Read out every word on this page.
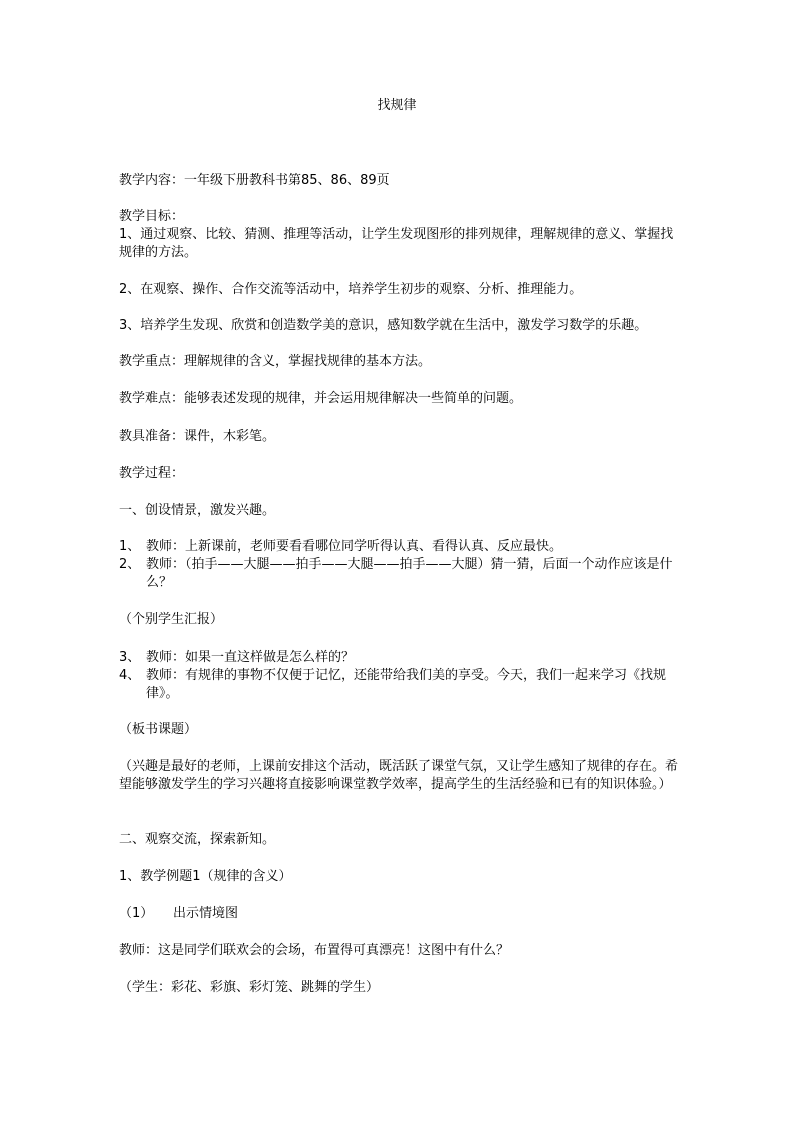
找规律
教学内容：一年级下册教科书第85、86、89页
教学目标：
1、通过观察、比较、猜测、推理等活动，让学生发现图形的排列规律，理解规律的意义、掌握找规律的方法。
2、在观察、操作、合作交流等活动中，培养学生初步的观察、分析、推理能力。
3、培养学生发现、欣赏和创造数学美的意识，感知数学就在生活中，激发学习数学的乐趣。
教学重点：理解规律的含义，掌握找规律的基本方法。
教学难点：能够表述发现的规律，并会运用规律解决一些简单的问题。
教具准备：课件，木彩笔。
教学过程：
一、创设情景，激发兴趣。
1、 教师：上新课前，老师要看看哪位同学听得认真、看得认真、反应最快。
2、 教师：（拍手——大腿——拍手——大腿——拍手——大腿）猜一猜，后面一个动作应该是什么？
（个别学生汇报）
3、 教师：如果一直这样做是怎么样的？
4、 教师：有规律的事物不仅便于记忆，还能带给我们美的享受。今天，我们一起来学习《找规律》。
（板书课题）
（兴趣是最好的老师，上课前安排这个活动，既活跃了课堂气氛，又让学生感知了规律的存在。希望能够激发学生的学习兴趣将直接影响课堂教学效率，提高学生的生活经验和已有的知识体验。）
二、观察交流，探索新知。
1、教学例题1（规律的含义）
（1） 出示情境图
教师：这是同学们联欢会的会场，布置得可真漂亮！这图中有什么？
（学生：彩花、彩旗、彩灯笼、跳舞的学生）
